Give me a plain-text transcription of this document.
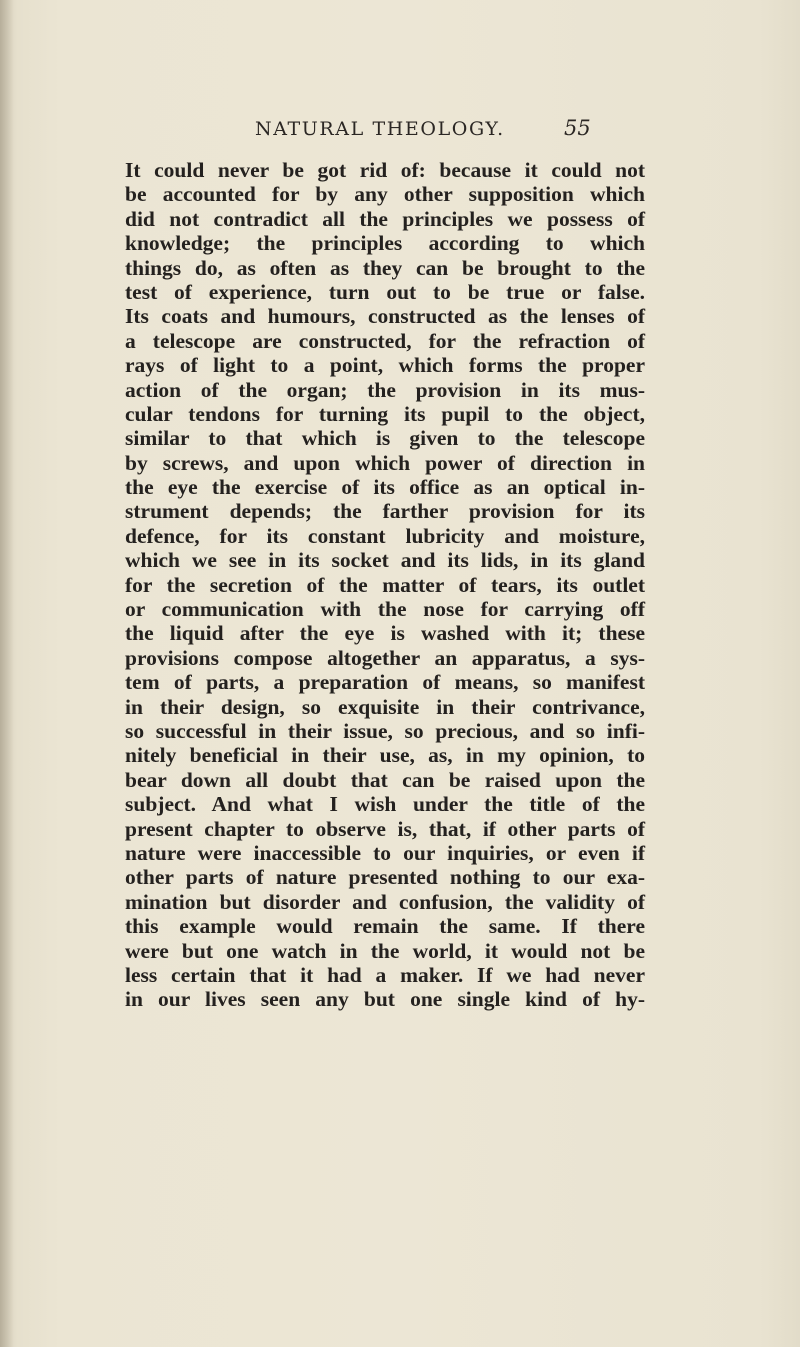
NATURAL THEOLOGY.	55
It could never be got rid of: because it could not
be accounted for by any other supposition which
did not contradict all the principles we possess of
knowledge; the principles according to which
things do, as often as they can be brought to the
test of experience, turn out to be true or false.
Its coats and humours, constructed as the lenses of
a telescope are constructed, for the refraction of
rays of light to a point, which forms the proper
action of the organ; the provision in its mus-
cular tendons for turning its pupil to the object,
similar to that which is given to the telescope
by screws, and upon which power of direction in
the eye the exercise of its office as an optical in-
strument depends; the farther provision for its
defence, for its constant lubricity and moisture,
which we see in its socket and its lids, in its gland
for the secretion of the matter of tears, its outlet
or communication with the nose for carrying off
the liquid after the eye is washed with it; these
provisions compose altogether an apparatus, a sys-
tem of parts, a preparation of means, so manifest
in their design, so exquisite in their contrivance,
so successful in their issue, so precious, and so infi-
nitely beneficial in their use, as, in my opinion, to
bear down all doubt that can be raised upon the
subject. And what I wish under the title of the
present chapter to observe is, that, if other parts of
nature were inaccessible to our inquiries, or even if
other parts of nature presented nothing to our exa-
mination but disorder and confusion, the validity of
this example would remain the same. If there
were but one watch in the world, it would not be
less certain that it had a maker. If we had never
in our lives seen any but one single kind of hy-
